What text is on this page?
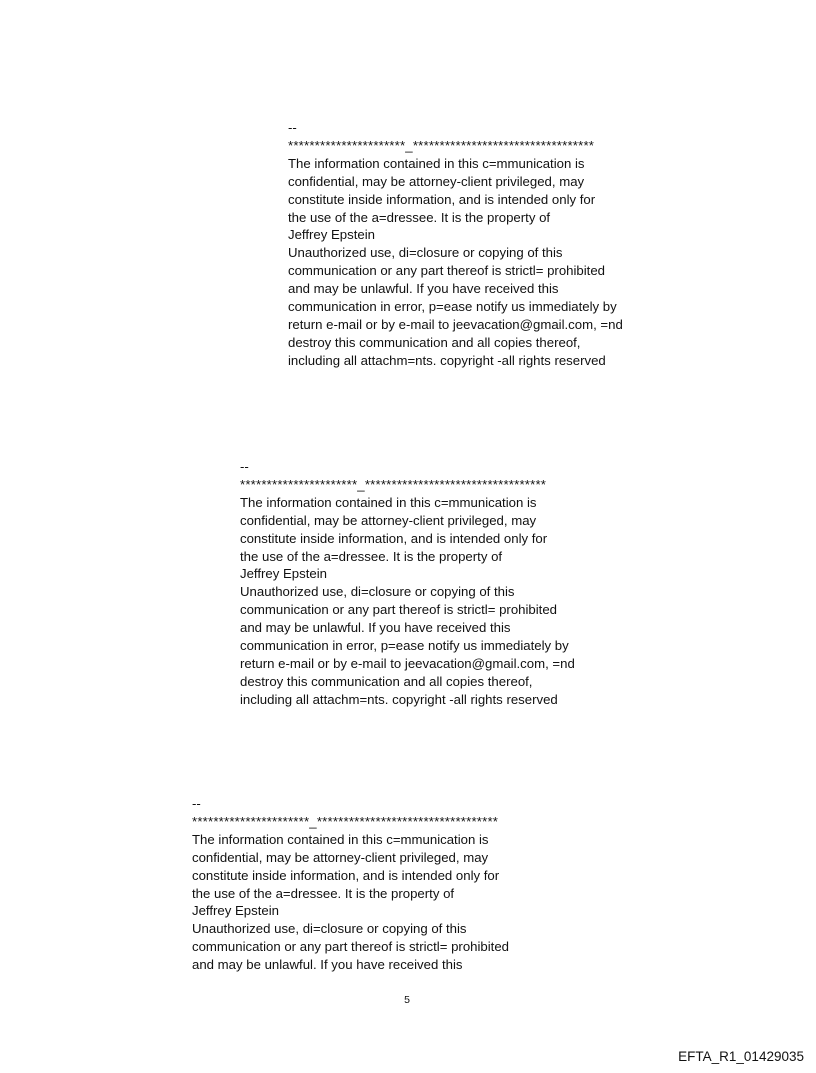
--
**********************_**********************************
The information contained in this c=mmunication is
confidential, may be attorney-client privileged, may
constitute inside information, and is intended only for
the use of the a=dressee. It is the property of
Jeffrey Epstein
Unauthorized use, di=closure or copying of this
communication or any part thereof is strictl= prohibited
and may be unlawful. If you have received this
communication in error, p=ease notify us immediately by
return e-mail or by e-mail to jeevacation@gmail.com, =nd
destroy this communication and all copies thereof,
including all attachm=nts. copyright -all rights reserved
--
**********************_**********************************
The information contained in this c=mmunication is
confidential, may be attorney-client privileged, may
constitute inside information, and is intended only for
the use of the a=dressee. It is the property of
Jeffrey Epstein
Unauthorized use, di=closure or copying of this
communication or any part thereof is strictl= prohibited
and may be unlawful. If you have received this
communication in error, p=ease notify us immediately by
return e-mail or by e-mail to jeevacation@gmail.com, =nd
destroy this communication and all copies thereof,
including all attachm=nts. copyright -all rights reserved
--
**********************_**********************************
The information contained in this c=mmunication is
confidential, may be attorney-client privileged, may
constitute inside information, and is intended only for
the use of the a=dressee. It is the property of
Jeffrey Epstein
Unauthorized use, di=closure or copying of this
communication or any part thereof is strictl= prohibited
and may be unlawful. If you have received this
5
EFTA_R1_01429035
